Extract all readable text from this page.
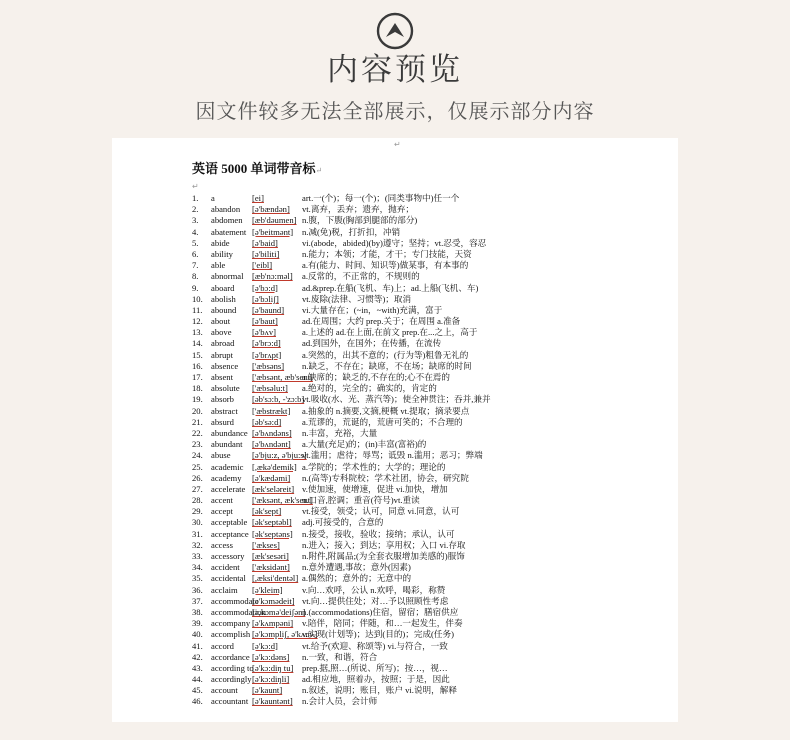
内容预览
因文件较多无法全部展示，仅展示部分内容
↵
英语 5000 单词带音标↵
↵
1. a	[ei]	art.一(个)；每一(个)；(同类事物中)任一个
2. abandon [ə'bændən] vt.离弃，丢弃；遗弃，抛弃；
3. abdomen [æb'dəumen] n.腹，下腹(胸部到腿部的部分)
4. abatement [ə'beitmənt] n.减(免)税，打折扣，冲销
5. abide	[ə'baid]	vi.(abode，abided)(by)遵守；坚持；vt.忍受，容忍
6. ability [ə'biliti]	n.能力；本领；才能，才干；专门技能，天资
7. able	['eibl]	a.有(能力、时间、知识等)做某事，有本事的
8. abnormal [æb'nɔ:məl] a.反常的，不正常的，不规则的
9. aboard [ə'bɔ:d]	ad.&prep.在船(飞机、车)上；ad.上船(飞机、车)
10. abolish [ə'bɔliʃ]	vt.废除(法律、习惯等)；取消
11. abound [ə'baund] vi.大量存在；(~in，~with)充满，富于
12. about	[ə'baut]	ad.在周围；大约 prep.关于；在周围 a.准备
13. above [ə'bʌv]	a.上述的 ad.在上面,在前文 prep.在...之上，高于
14. abroad [ə'brɔ:d] ad.到国外，在国外；在传播，在流传
15. abrupt [ə'brʌpt] a.突然的，出其不意的；(行为等)粗鲁无礼的
16. absence ['æbsəns] n.缺乏，不存在；缺席，不在场；缺席的时间
17. absent ['æbsənt, æb'sent]
a.缺席的；缺乏的,不存在的;心不在焉的
18. absolute ['æbsəlu:t] a.绝对的，完全的；确实的，肯定的
19. absorb [əb'sɔ:b, -'zɔ:b]
vt.吸收(水、光、蒸汽等)；使全神贯注；吞并,兼并
20. abstract ['æbstrækt] a.抽象的 n.摘要,文摘,梗概 vt.提取；摘录要点
21. absurd [əb'sə:d] a.荒谬的，荒诞的，荒唐可笑的；不合理的
22. abundance [ə'bʌndəns] n.丰富，充裕，大量
23. abundant [ə'bʌndənt] a.大量(充足)的；(in)丰富(富裕)的
24. abuse [ə'bju:z, ə'bju:s]
vt.滥用；虐待；辱骂；诋毁 n.滥用；恶习；弊端
25. academic [,ækə'demik] a.学院的；学术性的；大学的；理论的
26. academy [ə'kædəmi] n.(高等)专科院校；学术社团，协会，研究院
27. accelerate [æk'seləreit] v.使加速，使增速，促进 vi.加快，增加
28. accent ['æksənt, æk'sent]
n.口音,腔调；重音(符号)vt.重读
29. accept [ək'sept] vt.接受，领受；认可，同意 vi.同意，认可
30. acceptable [ək'septəbl] adj.可接受的，合意的
31. acceptance [ək'septəns] n.接受，接收，验收；接纳；承认，认可
32. access ['ækses]	n.进入；接入；到达；享用权；入口 vi.存取
33. accessory [æk'sesəri] n.附件,附属品;(为全套衣服增加美感的)服饰
34. accident ['æksidənt] n.意外遭遇,事故；意外(因素)
35. accidental [,æksi'dentəl] a.偶然的；意外的；无意中的
36. acclaim [ə'kleim] v.向…欢呼，公认 n.欢呼，喝彩，称赞
37. accommodate
[ə'kɔmədeit] vt.向…提供住处；对…予以照顾性考虑
38. accommodation
[ə,kɔmə'deiʃən]
n.(accommodations)住宿，留宿；膳宿供应
39. accompany [ə'kʌmpəni] v.陪伴，陪同；伴随，和…一起发生，伴奏
40. accomplish [ə'kɔmpliʃ, ə'kʌm-]
v.实现(计划等)；达到(目的)；完成(任务)
41. accord [ə'kɔ:d]	vt.给予(欢迎、称颂等) vi.与符合，一致
42. accordance [ə'kɔ:dəns] n.一致，和谐，符合
43. according to
[ə'kɔ:diŋ tu] prep.据,照…(所说、所写)；按…，视…
44. accordingly [ə'kɔ:diŋli] ad.相应地，照着办，按照；于是，因此
45. account [ə'kaunt] n.叙述，说明；账目，账户 vi.说明，解释
46. accountant [ə'kauntənt] n.会计人员，会计师
